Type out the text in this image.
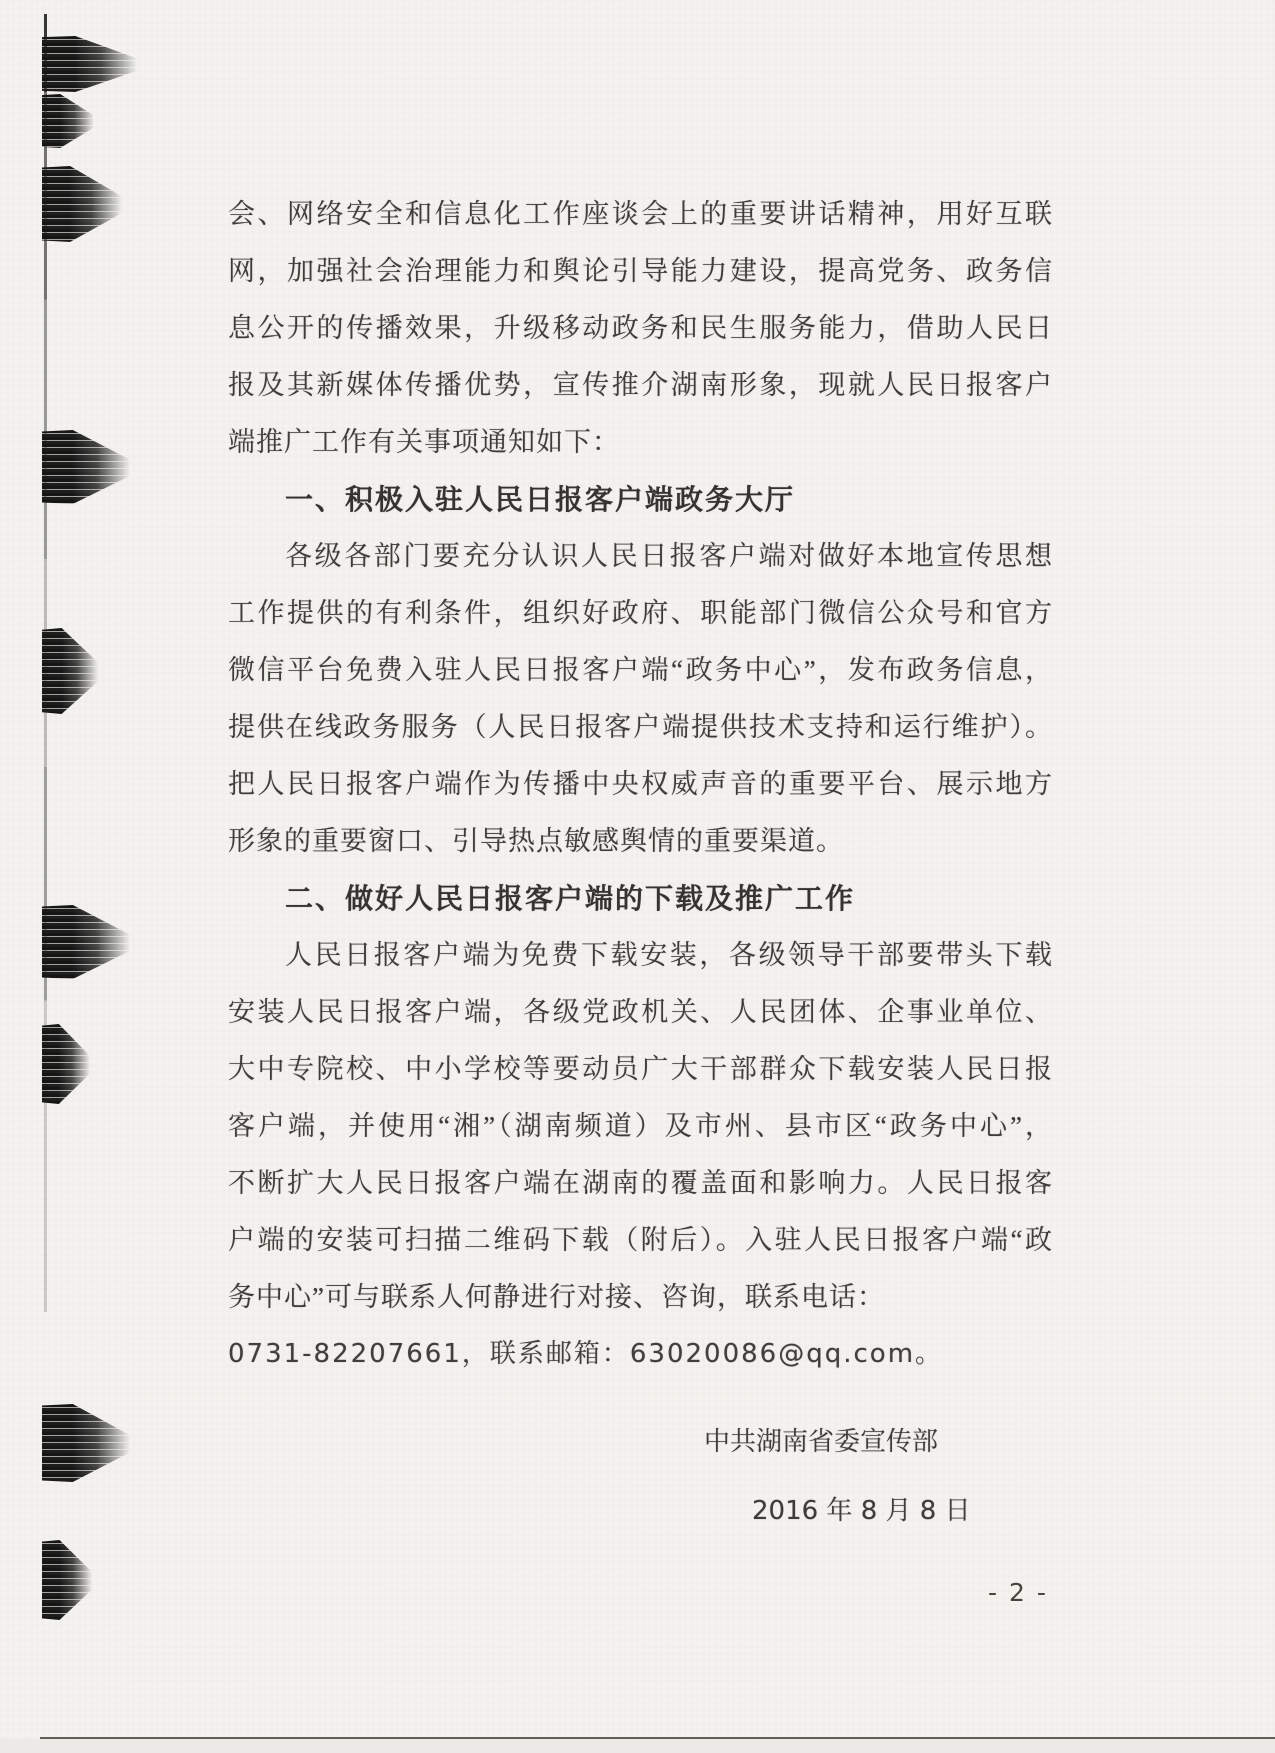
会、网络安全和信息化工作座谈会上的重要讲话精神，用好互联
网，加强社会治理能力和舆论引导能力建设，提高党务、政务信
息公开的传播效果，升级移动政务和民生服务能力，借助人民日
报及其新媒体传播优势，宣传推介湖南形象，现就人民日报客户
端推广工作有关事项通知如下：
一、积极入驻人民日报客户端政务大厅
各级各部门要充分认识人民日报客户端对做好本地宣传思想
工作提供的有利条件，组织好政府、职能部门微信公众号和官方
微信平台免费入驻人民日报客户端“政务中心”，发布政务信息，
提供在线政务服务（人民日报客户端提供技术支持和运行维护）。
把人民日报客户端作为传播中央权威声音的重要平台、展示地方
形象的重要窗口、引导热点敏感舆情的重要渠道。
二、做好人民日报客户端的下载及推广工作
人民日报客户端为免费下载安装，各级领导干部要带头下载
安装人民日报客户端，各级党政机关、人民团体、企事业单位、
大中专院校、中小学校等要动员广大干部群众下载安装人民日报
客户端，并使用“湘”（湖南频道）及市州、县市区“政务中心”，
不断扩大人民日报客户端在湖南的覆盖面和影响力。人民日报客
户端的安装可扫描二维码下载（附后）。入驻人民日报客户端“政
务中心”可与联系人何静进行对接、咨询，联系电话：
0731-82207661，联系邮箱：63020086@qq.com。
中共湖南省委宣传部
2016 年 8 月 8 日
- 2 -
